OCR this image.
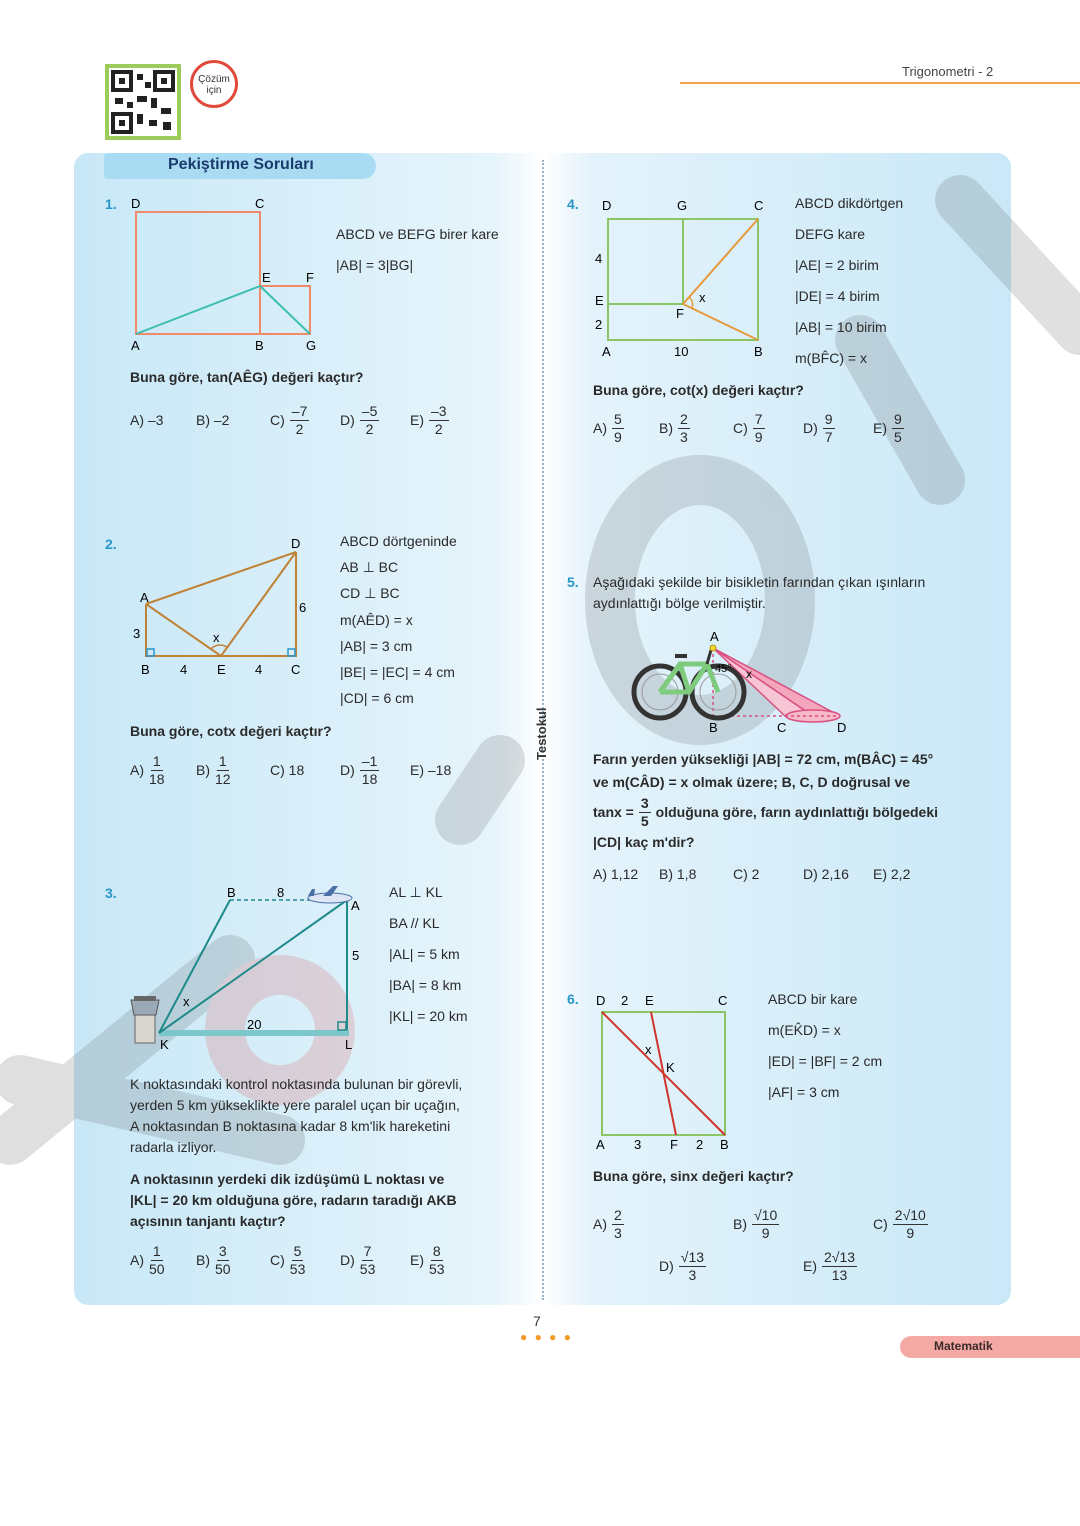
Çözüm için
Trigonometri - 2
Pekiştirme Soruları
Testokul
1. D	C
E	F
A	B	G
ABCD ve BEFG birer kare
|AB| = 3|BG|
Buna göre, tan(AÊG) değeri kaçtır?
A)
–3 B)
–2	$C) \frac{-7}{2} D) \frac{-5}{2} E) \frac{-3}{2}$
2.	D
A
B	E	C
x
3
4	4
6
ABCD dörtgeninde
AB ⊥ BC
CD ⊥ BC
m(AÊD) = x
|AB| = 3 cm
|BE| = |EC| = 4 cm
|CD| = 6 cm
Buna göre, cotx değeri kaçtır?
$A) \frac{1}{18} B) \frac{1}{12}$	C)
18	$D) \frac{-1}{18} E$)
–18
3.	B	8
A
5
K	L
x
20
AL ⊥ KL
BA // KL
|AL| = 5 km
|BA| = 8 km
|KL| = 20 km
K noktasındaki kontrol noktasında bulunan bir görevli,
yerden 5 km yükseklikte yere paralel uçan bir uçağın,
A noktasından B noktasına kadar 8 km'lik hareketini
radarla izliyor.
A noktasının yerdeki dik izdüşümü L noktası ve
|KL| = 20 km olduğuna göre, radarın taradığı AKB
açısının tanjantı kaçtır?
$A) \frac{1}{50} B) \frac{3}{50}$	$C) \frac{5}{53} D) \frac{7}{53} E) \frac{8}{53}$
4. D	G	C
E
F
A	B
x
4
2
10
ABCD dikdörtgen
DEFG kare
|AE| = 2 birim
|DE| = 4 birim
|AB| = 10 birim
m(BF̂C) = x
Buna göre, cot(x) değeri kaçtır?
$A) \frac{5}{9}$	$B) \frac{2}{3}$	$C) \frac{7}{9}$	$D) \frac{9}{7}$	$E) \frac{9}{5}$
5. Aşağıdaki şekilde bir bisikletin farından çıkan ışınların
aydınlattığı bölge verilmiştir.
A
B	C	D
45° x
Farın yerden yüksekliği |AB| = 72 cm, m(BÂC) = 45°
ve m(CÂD) = x olmak üzere; B, C, D doğrusal ve
$\tan x = \frac{3}{5}$ olduğuna göre, farın aydınlattığı bölgedeki
|CD| kaç m'dir?
A)
1,12 B)
1,8	C)
2	D)
2,16 E)
2,2
6. D 2 E	C
A 3 F 2 B
K
x
ABCD bir kare
m(EK̂D) = x
|ED| = |BF| = 2 cm
|AF| = 3 cm
Buna göre, sinx değeri kaçtır?
$A) \frac{2}{3}$	$B) \frac{√10}{9}$	$C) \frac{2√10}{9}$
$D) \frac{√13}{3}$	$E) \frac{2√13}{13}$
7
● ● ● ●
Matematik
